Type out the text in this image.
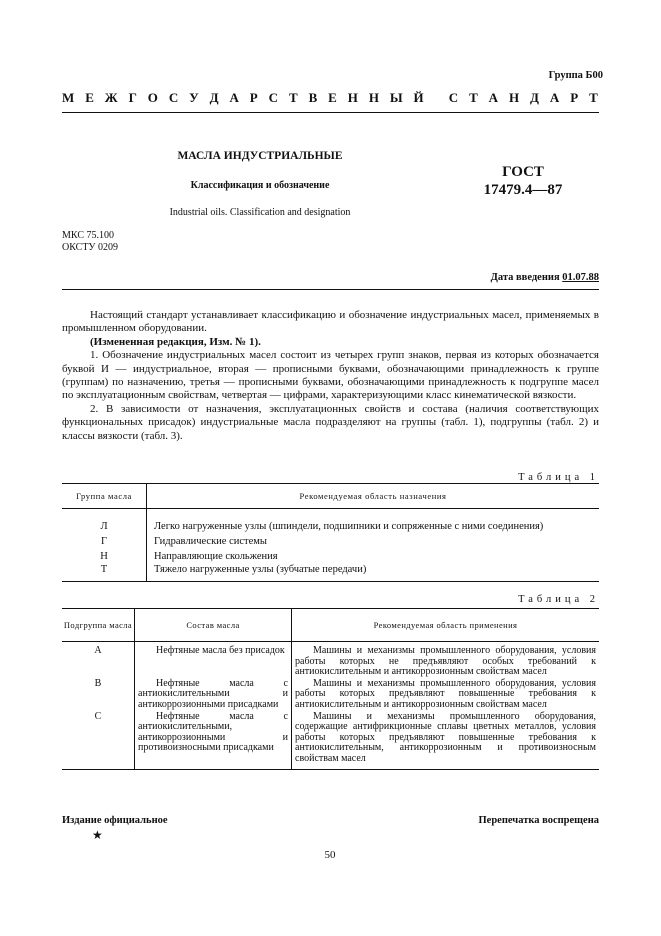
Группа Б00
М Е Ж Г О С У Д А Р С Т В Е Н Н Ы Й
С Т А Н Д А Р Т
МАСЛА ИНДУСТРИАЛЬНЫЕ
Классификация и обозначение
Industrial oils. Classification and designation
ГОСТ
17479.4—87
МКС 75.100
ОКСТУ 0209
Дата введения 01.07.88

Настоящий стандарт устанавливает классификацию и обозначение индустриальных масел, применяемых в промышленном оборудовании.

(Измененная редакция, Изм. № 1).

1. Обозначение индустриальных масел состоит из четырех групп знаков, первая из которых обозначается буквой И — индустриальное, вторая — прописными буквами, обозначающими принадлежность к группе (группам) по назначению, третья — прописными буквами, обозначающими принадлежность к подгруппе масел по эксплуатационным свойствам, четвертая — цифрами, характеризующими класс кинематической вязкости.

2. В зависимости от назначения, эксплуатационных свойств и состава (наличия соответствующих функциональных присадок) индустриальные масла подразделяют на группы (табл. 1), подгруппы (табл. 2) и классы вязкости (табл. 3).

Таблица 1
Группа масла	Рекомендуемая область назначения

Л	Легко нагруженные узлы (шпиндели, подшипники и сопряженные с ними соединения)
Г	Гидравлические системы
Н	Направляющие скольжения
Т	Тяжело нагруженные узлы (зубчатые передачи)
Таблица 2
Подгруппа масла	Состав масла	Рекомендуемая область применения
А	Нефтяные масла без присадок	Машины и механизмы промышленного оборудования, условия работы которых не предъявляют особых требований к антиокислительным и антикоррозионным свойствам масел
В	Нефтяные масла с антиокислительными и антикоррозионными присадками	Машины и механизмы промышленного оборудования, условия работы которых предъявляют повышенные требования к антиокислительным и антикоррозионным свойствам масел
С	Нефтяные масла с антиокислительными, антикоррозионными и противоизносными присадками	Машины и механизмы промышленного оборудования, содержащие антифрикционные сплавы цветных металлов, условия работы которых предъявляют повышенные требования к антиокислительным, антикоррозионным и противоизносным свойствам масел
Издание официальное	Перепечатка воспрещена
★
50
